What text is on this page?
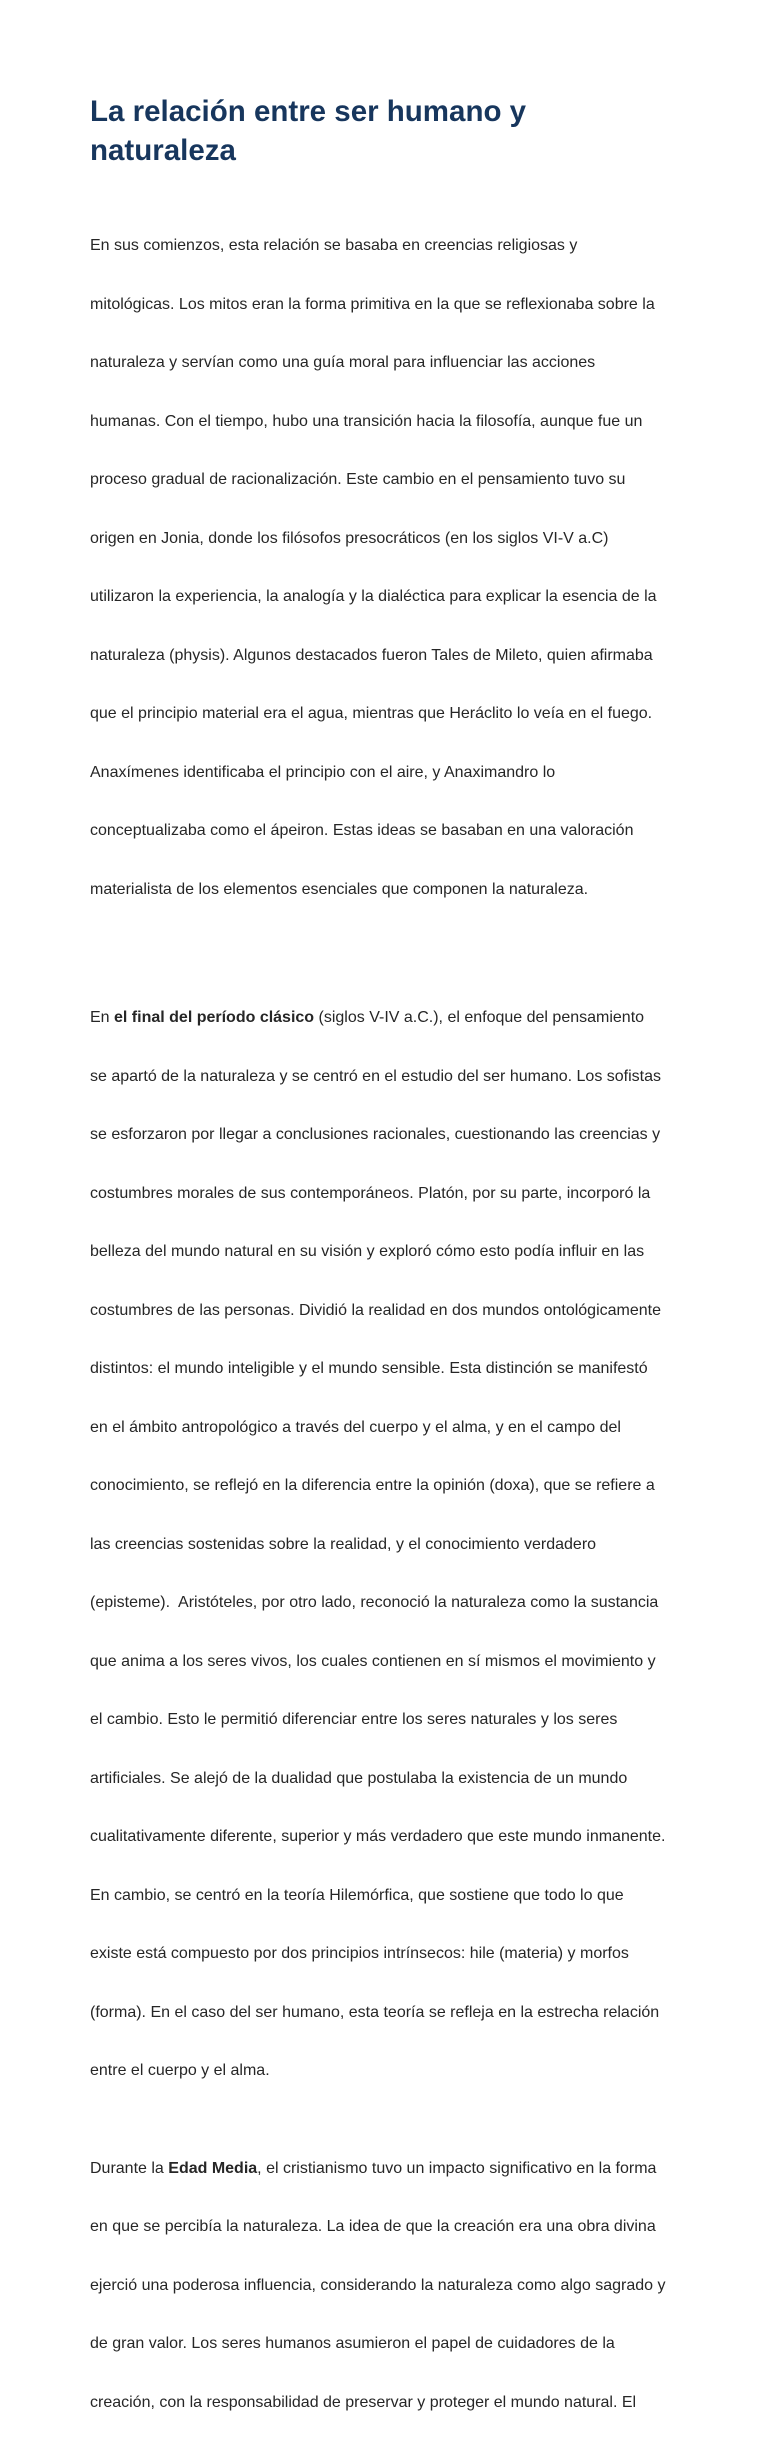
La relación entre ser humano y
naturaleza

En sus comienzos, esta relación se basaba en creencias religiosas y

mitológicas. Los mitos eran la forma primitiva en la que se reflexionaba sobre la

naturaleza y servían como una guía moral para influenciar las acciones

humanas. Con el tiempo, hubo una transición hacia la filosofía, aunque fue un

proceso gradual de racionalización. Este cambio en el pensamiento tuvo su

origen en Jonia, donde los filósofos presocráticos (en los siglos VI-V a.C)

utilizaron la experiencia, la analogía y la dialéctica para explicar la esencia de la

naturaleza (physis). Algunos destacados fueron Tales de Mileto, quien afirmaba

que el principio material era el agua, mientras que Heráclito lo veía en el fuego.

Anaxímenes identificaba el principio con el aire, y Anaximandro lo

conceptualizaba como el ápeiron. Estas ideas se basaban en una valoración

materialista de los elementos esenciales que componen la naturaleza.

En el final del período clásico (siglos V-IV a.C.), el enfoque del pensamiento

se apartó de la naturaleza y se centró en el estudio del ser humano. Los sofistas

se esforzaron por llegar a conclusiones racionales, cuestionando las creencias y

costumbres morales de sus contemporáneos. Platón, por su parte, incorporó la

belleza del mundo natural en su visión y exploró cómo esto podía influir en las

costumbres de las personas. Dividió la realidad en dos mundos ontológicamente

distintos: el mundo inteligible y el mundo sensible. Esta distinción se manifestó

en el ámbito antropológico a través del cuerpo y el alma, y en el campo del

conocimiento, se reflejó en la diferencia entre la opinión (doxa), que se refiere a

las creencias sostenidas sobre la realidad, y el conocimiento verdadero

(episteme).  Aristóteles, por otro lado, reconoció la naturaleza como la sustancia

que anima a los seres vivos, los cuales contienen en sí mismos el movimiento y

el cambio. Esto le permitió diferenciar entre los seres naturales y los seres

artificiales. Se alejó de la dualidad que postulaba la existencia de un mundo

cualitativamente diferente, superior y más verdadero que este mundo inmanente.

En cambio, se centró en la teoría Hilemórfica, que sostiene que todo lo que

existe está compuesto por dos principios intrínsecos: hile (materia) y morfos

(forma). En el caso del ser humano, esta teoría se refleja en la estrecha relación

entre el cuerpo y el alma.

Durante la Edad Media, el cristianismo tuvo un impacto significativo en la forma

en que se percibía la naturaleza. La idea de que la creación era una obra divina

ejerció una poderosa influencia, considerando la naturaleza como algo sagrado y

de gran valor. Los seres humanos asumieron el papel de cuidadores de la

creación, con la responsabilidad de preservar y proteger el mundo natural. El
